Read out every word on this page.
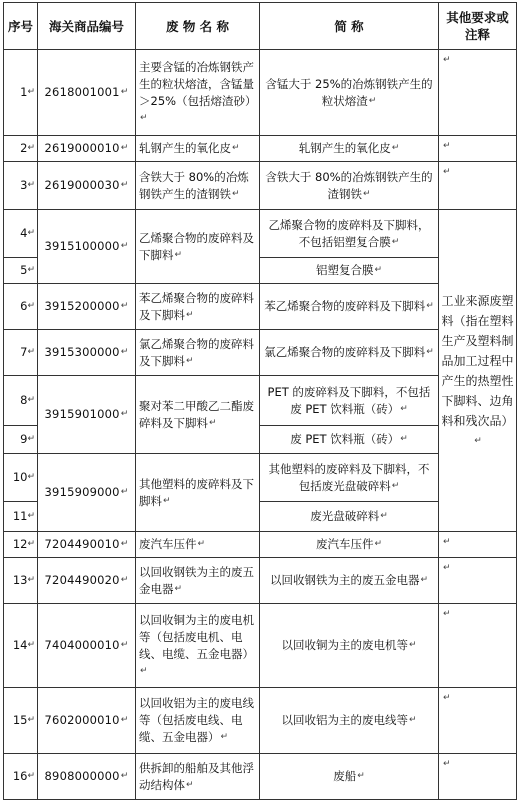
序号	海关商品编号	废 物 名 称	简 称	其他要求或注释
1↵	2618001001↵	主要含锰的冶炼钢铁产生的粒状熔渣，含锰量＞25%（包括熔渣砂）↵	含锰大于 25%的冶炼钢铁产生的粒状熔渣↵	↵
2↵	2619000010↵	轧钢产生的氧化皮↵	轧钢产生的氧化皮↵	↵
3↵	2619000030↵	含铁大于 80%的冶炼钢铁产生的渣钢铁↵	含铁大于 80%的冶炼钢铁产生的渣钢铁↵	↵
4↵	3915100000↵	乙烯聚合物的废碎料及下脚料↵	乙烯聚合物的废碎料及下脚料，不包括铝塑复合膜↵	工业来源废塑料（指在塑料生产及塑料制品加工过程中产生的热塑性下脚料、边角料和残次品）↵
5↵			铝塑复合膜↵
6↵	3915200000↵	苯乙烯聚合物的废碎料及下脚料↵	苯乙烯聚合物的废碎料及下脚料↵
7↵	3915300000↵	氯乙烯聚合物的废碎料及下脚料↵	氯乙烯聚合物的废碎料及下脚料↵
8↵	3915901000↵	聚对苯二甲酸乙二酯废碎料及下脚料↵	PET 的废碎料及下脚料，不包括废 PET 饮料瓶（砖）↵
9↵			废 PET 饮料瓶（砖）↵
10↵	3915909000↵	其他塑料的废碎料及下脚料↵	其他塑料的废碎料及下脚料，不包括废光盘破碎料↵
11↵			废光盘破碎料↵
12↵	7204490010↵	废汽车压件↵	废汽车压件↵	↵
13↵	7204490020↵	以回收钢铁为主的废五金电器↵	以回收钢铁为主的废五金电器↵	↵
14↵	7404000010↵	以回收铜为主的废电机等（包括废电机、电线、电缆、五金电器）↵	以回收铜为主的废电机等↵	↵
15↵	7602000010↵	以回收铝为主的废电线等（包括废电线、电缆、五金电器）↵	以回收铝为主的废电线等↵	↵
16↵	8908000000↵	供拆卸的船舶及其他浮动结构体↵	废船↵	↵
